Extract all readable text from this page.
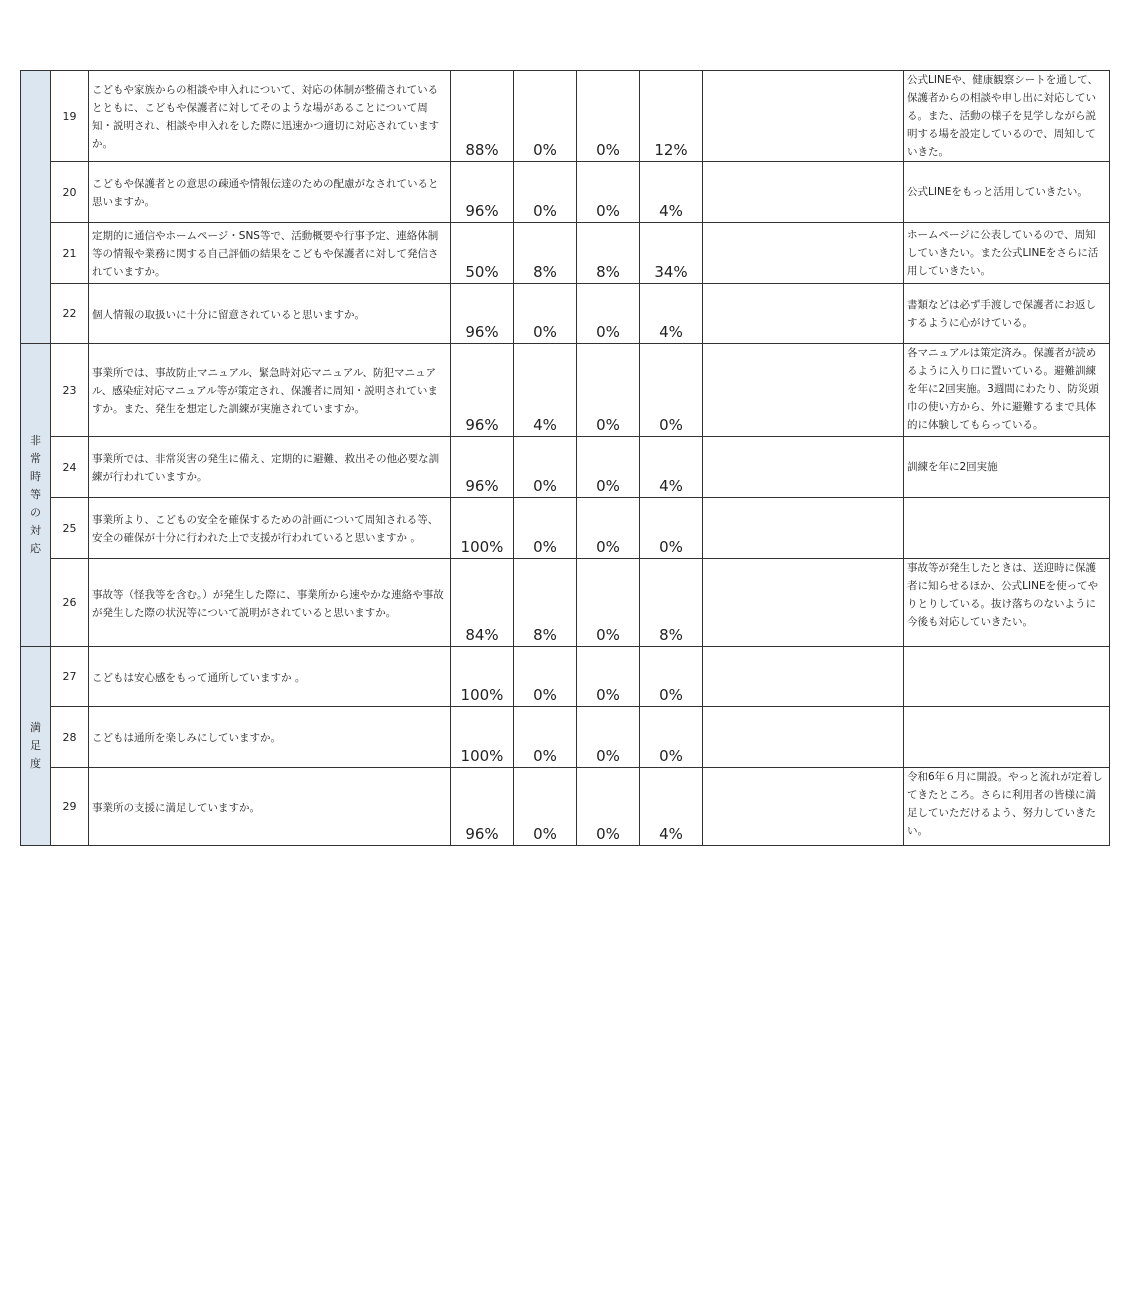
	19	こどもや家族からの相談や申入れについて、対応の体制が整備されているとともに、こどもや保護者に対してそのような場があることについて周知・説明され、相談や申入れをした際に迅速かつ適切に対応されていますか。	88%	0%	0%	12%		公式LINEや、健康観察シートを通して、保護者からの相談や申し出に対応している。また、活動の様子を見学しながら説明する場を設定しているので、周知していきた。
	20	こどもや保護者との意思の疎通や情報伝達のための配慮がなされていると思いますか。	96%	0%	0%	4%		公式LINEをもっと活用していきたい。
	21	定期的に通信やホームページ・SNS等で、活動概要や行事予定、連絡体制等の情報や業務に関する自己評価の結果をこどもや保護者に対して発信されていますか。	50%	8%	8%	34%		ホームページに公表しているので、周知していきたい。また公式LINEをさらに活用していきたい。
	22	個人情報の取扱いに十分に留意されていると思いますか。	96%	0%	0%	4%		書類などは必ず手渡しで保護者にお返しするように心がけている。
非常時等の対応	23	事業所では、事故防止マニュアル、緊急時対応マニュアル、防犯マニュアル、感染症対応マニュアル等が策定され、保護者に周知・説明されていますか。また、発生を想定した訓練が実施されていますか。	96%	4%	0%	0%		各マニュアルは策定済み。保護者が読めるように入り口に置いている。避難訓練を年に2回実施。3週間にわたり、防災頭巾の使い方から、外に避難するまで具体的に体験してもらっている。
	24	事業所では、非常災害の発生に備え、定期的に避難、救出その他必要な訓練が行われていますか。	96%	0%	0%	4%		訓練を年に2回実施
	25	事業所より、こどもの安全を確保するための計画について周知される等、安全の確保が十分に行われた上で支援が行われていると思いますか 。	100%	0%	0%	0%		
	26	事故等（怪我等を含む。）が発生した際に、事業所から速やかな連絡や事故が発生した際の状況等について説明がされていると思いますか。	84%	8%	0%	8%		事故等が発生したときは、送迎時に保護者に知らせるほか、公式LINEを使ってやりとりしている。抜け落ちのないように今後も対応していきたい。
満足度	27	こどもは安心感をもって通所していますか 。	100%	0%	0%	0%		
	28	こどもは通所を楽しみにしていますか。	100%	0%	0%	0%		
	29	事業所の支援に満足していますか。	96%	0%	0%	4%		令和6年６月に開設。やっと流れが定着してきたところ。さらに利用者の皆様に満足していただけるよう、努力していきたい。
